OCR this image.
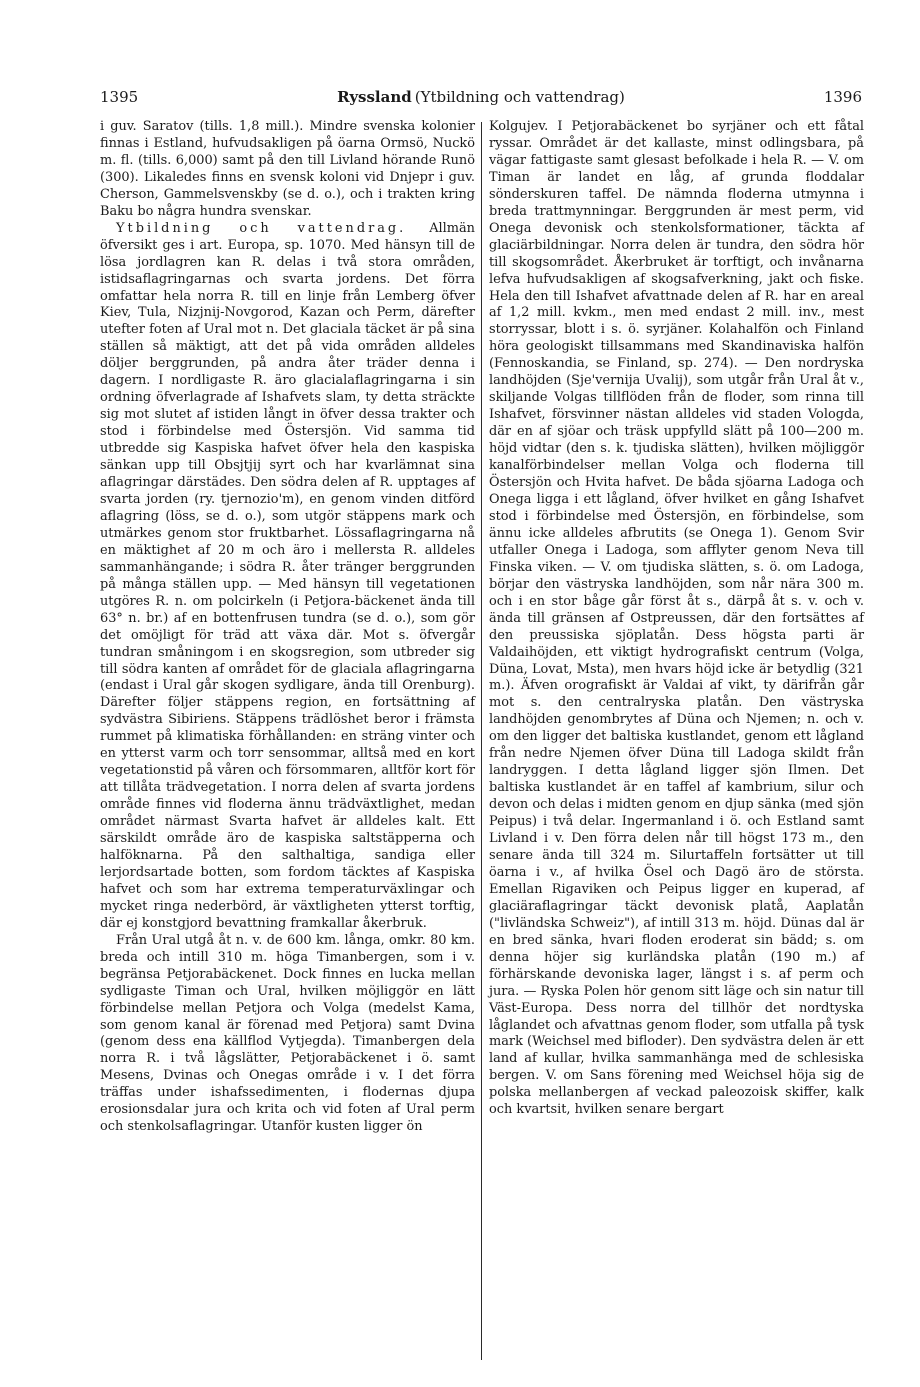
1395	Ryssland (Ytbildning och vattendrag)	1396

i guv. Saratov (tills. 1,8 mill.). Mindre svenska kolonier finnas i Estland, hufvudsakligen på öarna Ormsö, Nuckö m. fl. (tills. 6,000) samt på den till Livland hörande Runö (300). Likaledes finns en svensk koloni vid Dnjepr i guv. Cherson, Gammelsvenskby (se d. o.), och i trakten kring Baku bo några hundra svenskar.

Ytbildning och vattendrag. Allmän öfversikt ges i art. Europa, sp. 1070. Med hänsyn till de lösa jordlagren kan R. delas i två stora områden, istidsaflagringarnas och svarta jordens. Det förra omfattar hela norra R. till en linje från Lemberg öfver Kiev, Tula, Nizjnij-Novgorod, Kazan och Perm, därefter utefter foten af Ural mot n. Det glaciala täcket är på sina ställen så mäktigt, att det på vida områden alldeles döljer berggrunden, på andra åter träder denna i dagern. I nordligaste R. äro glacialaflagringarna i sin ordning öfverlagrade af Ishafvets slam, ty detta sträckte sig mot slutet af istiden långt in öfver dessa trakter och stod i förbindelse med Östersjön. Vid samma tid utbredde sig Kaspiska hafvet öfver hela den kaspiska sänkan upp till Obsjtjij syrt och har kvarlämnat sina aflagringar därstädes. Den södra delen af R. upptages af svarta jorden (ry. tjernozio'm), en genom vinden ditförd aflagring (löss, se d. o.), som utgör stäppens mark och utmärkes genom stor fruktbarhet. Lössaflagringarna nå en mäktighet af 20 m och äro i mellersta R. alldeles sammanhängande; i södra R. åter tränger berggrunden på många ställen upp. — Med hänsyn till vegetationen utgöres R. n. om polcirkeln (i Petjora-bäckenet ända till 63° n. br.) af en bottenfrusen tundra (se d. o.), som gör det omöjligt för träd att växa där. Mot s. öfvergår tundran småningom i en skogsregion, som utbreder sig till södra kanten af området för de glaciala aflagringarna (endast i Ural går skogen sydligare, ända till Orenburg). Därefter följer stäppens region, en fortsättning af sydvästra Sibiriens. Stäppens trädlöshet beror i främsta rummet på klimatiska förhållanden: en sträng vinter och en ytterst varm och torr sensommar, alltså med en kort vegetationstid på våren och försommaren, alltför kort för att tillåta trädvegetation. I norra delen af svarta jordens område finnes vid floderna ännu trädväxtlighet, medan området närmast Svarta hafvet är alldeles kalt. Ett särskildt område äro de kaspiska saltstäpperna och halföknarna. På den salthaltiga, sandiga eller lerjordsartade botten, som fordom täcktes af Kaspiska hafvet och som har extrema temperaturväxlingar och mycket ringa nederbörd, är växtligheten ytterst torftig, där ej konstgjord bevattning framkallar åkerbruk.

Från Ural utgå åt n. v. de 600 km. långa, omkr. 80 km. breda och intill 310 m. höga Timanbergen, som i v. begränsa Petjorabäckenet. Dock finnes en lucka mellan sydligaste Timan och Ural, hvilken möjliggör en lätt förbindelse mellan Petjora och Volga (medelst Kama, som genom kanal är förenad med Petjora) samt Dvina (genom dess ena källflod Vytjegda). Timanbergen dela norra R. i två lågslätter, Petjorabäckenet i ö. samt Mesens, Dvinas och Onegas område i v. I det förra träffas under ishafssedimenten, i flodernas djupa erosionsdalar jura och krita och vid foten af Ural perm och stenkolsaflagringar. Utanför kusten ligger ön

Kolgujev. I Petjorabäckenet bo syrjäner och ett fåtal ryssar. Området är det kallaste, minst odlingsbara, på vägar fattigaste samt glesast befolkade i hela R. — V. om Timan är landet en låg, af grunda floddalar sönderskuren taffel. De nämnda floderna utmynna i breda trattmynningar. Berggrunden är mest perm, vid Onega devonisk och stenkolsformationer, täckta af glaciärbildningar. Norra delen är tundra, den södra hör till skogsområdet. Åkerbruket är torftigt, och invånarna lefva hufvudsakligen af skogsafverkning, jakt och fiske. Hela den till Ishafvet afvattnade delen af R. har en areal af 1,2 mill. kvkm., men med endast 2 mill. inv., mest storryssar, blott i s. ö. syrjäner. Kolahalfön och Finland höra geologiskt tillsammans med Skandinaviska halfön (Fennoskandia, se Finland, sp. 274). — Den nordryska landhöjden (Sje'vernija Uvalij), som utgår från Ural åt v., skiljande Volgas tillflöden från de floder, som rinna till Ishafvet, försvinner nästan alldeles vid staden Vologda, där en af sjöar och träsk uppfylld slätt på 100—200 m. höjd vidtar (den s. k. tjudiska slätten), hvilken möjliggör kanalförbindelser mellan Volga och floderna till Östersjön och Hvita hafvet. De båda sjöarna Ladoga och Onega ligga i ett lågland, öfver hvilket en gång Ishafvet stod i förbindelse med Östersjön, en förbindelse, som ännu icke alldeles afbrutits (se Onega 1). Genom Svir utfaller Onega i Ladoga, som afflyter genom Neva till Finska viken. — V. om tjudiska slätten, s. ö. om Ladoga, börjar den västryska landhöjden, som når nära 300 m. och i en stor båge går först åt s., därpå åt s. v. och v. ända till gränsen af Ostpreussen, där den fortsättes af den preussiska sjöplatån. Dess högsta parti är Valdaihöjden, ett viktigt hydrografiskt centrum (Volga, Düna, Lovat, Msta), men hvars höjd icke är betydlig (321 m.). Äfven orografiskt är Valdai af vikt, ty därifrån går mot s. den centralryska platån. Den västryska landhöjden genombrytes af Düna och Njemen; n. och v. om den ligger det baltiska kustlandet, genom ett lågland från nedre Njemen öfver Düna till Ladoga skildt från landryggen. I detta lågland ligger sjön Ilmen. Det baltiska kustlandet är en taffel af kambrium, silur och devon och delas i midten genom en djup sänka (med sjön Peipus) i två delar. Ingermanland i ö. och Estland samt Livland i v. Den förra delen når till högst 173 m., den senare ända till 324 m. Silurtaffeln fortsätter ut till öarna i v., af hvilka Ösel och Dagö äro de största. Emellan Rigaviken och Peipus ligger en kuperad, af glaciäraflagringar täckt devonisk platå, Aaplatån ("livländska Schweiz"), af intill 313 m. höjd. Dünas dal är en bred sänka, hvari floden eroderat sin bädd; s. om denna höjer sig kurländska platån (190 m.) af förhärskande devoniska lager, längst i s. af perm och jura. — Ryska Polen hör genom sitt läge och sin natur till Väst-Europa. Dess norra del tillhör det nordtyska låglandet och afvattnas genom floder, som utfalla på tysk mark (Weichsel med bifloder). Den sydvästra delen är ett land af kullar, hvilka sammanhänga med de schlesiska bergen. V. om Sans förening med Weichsel höja sig de polska mellanbergen af veckad paleozoisk skiffer, kalk och kvartsit, hvilken senare bergart
